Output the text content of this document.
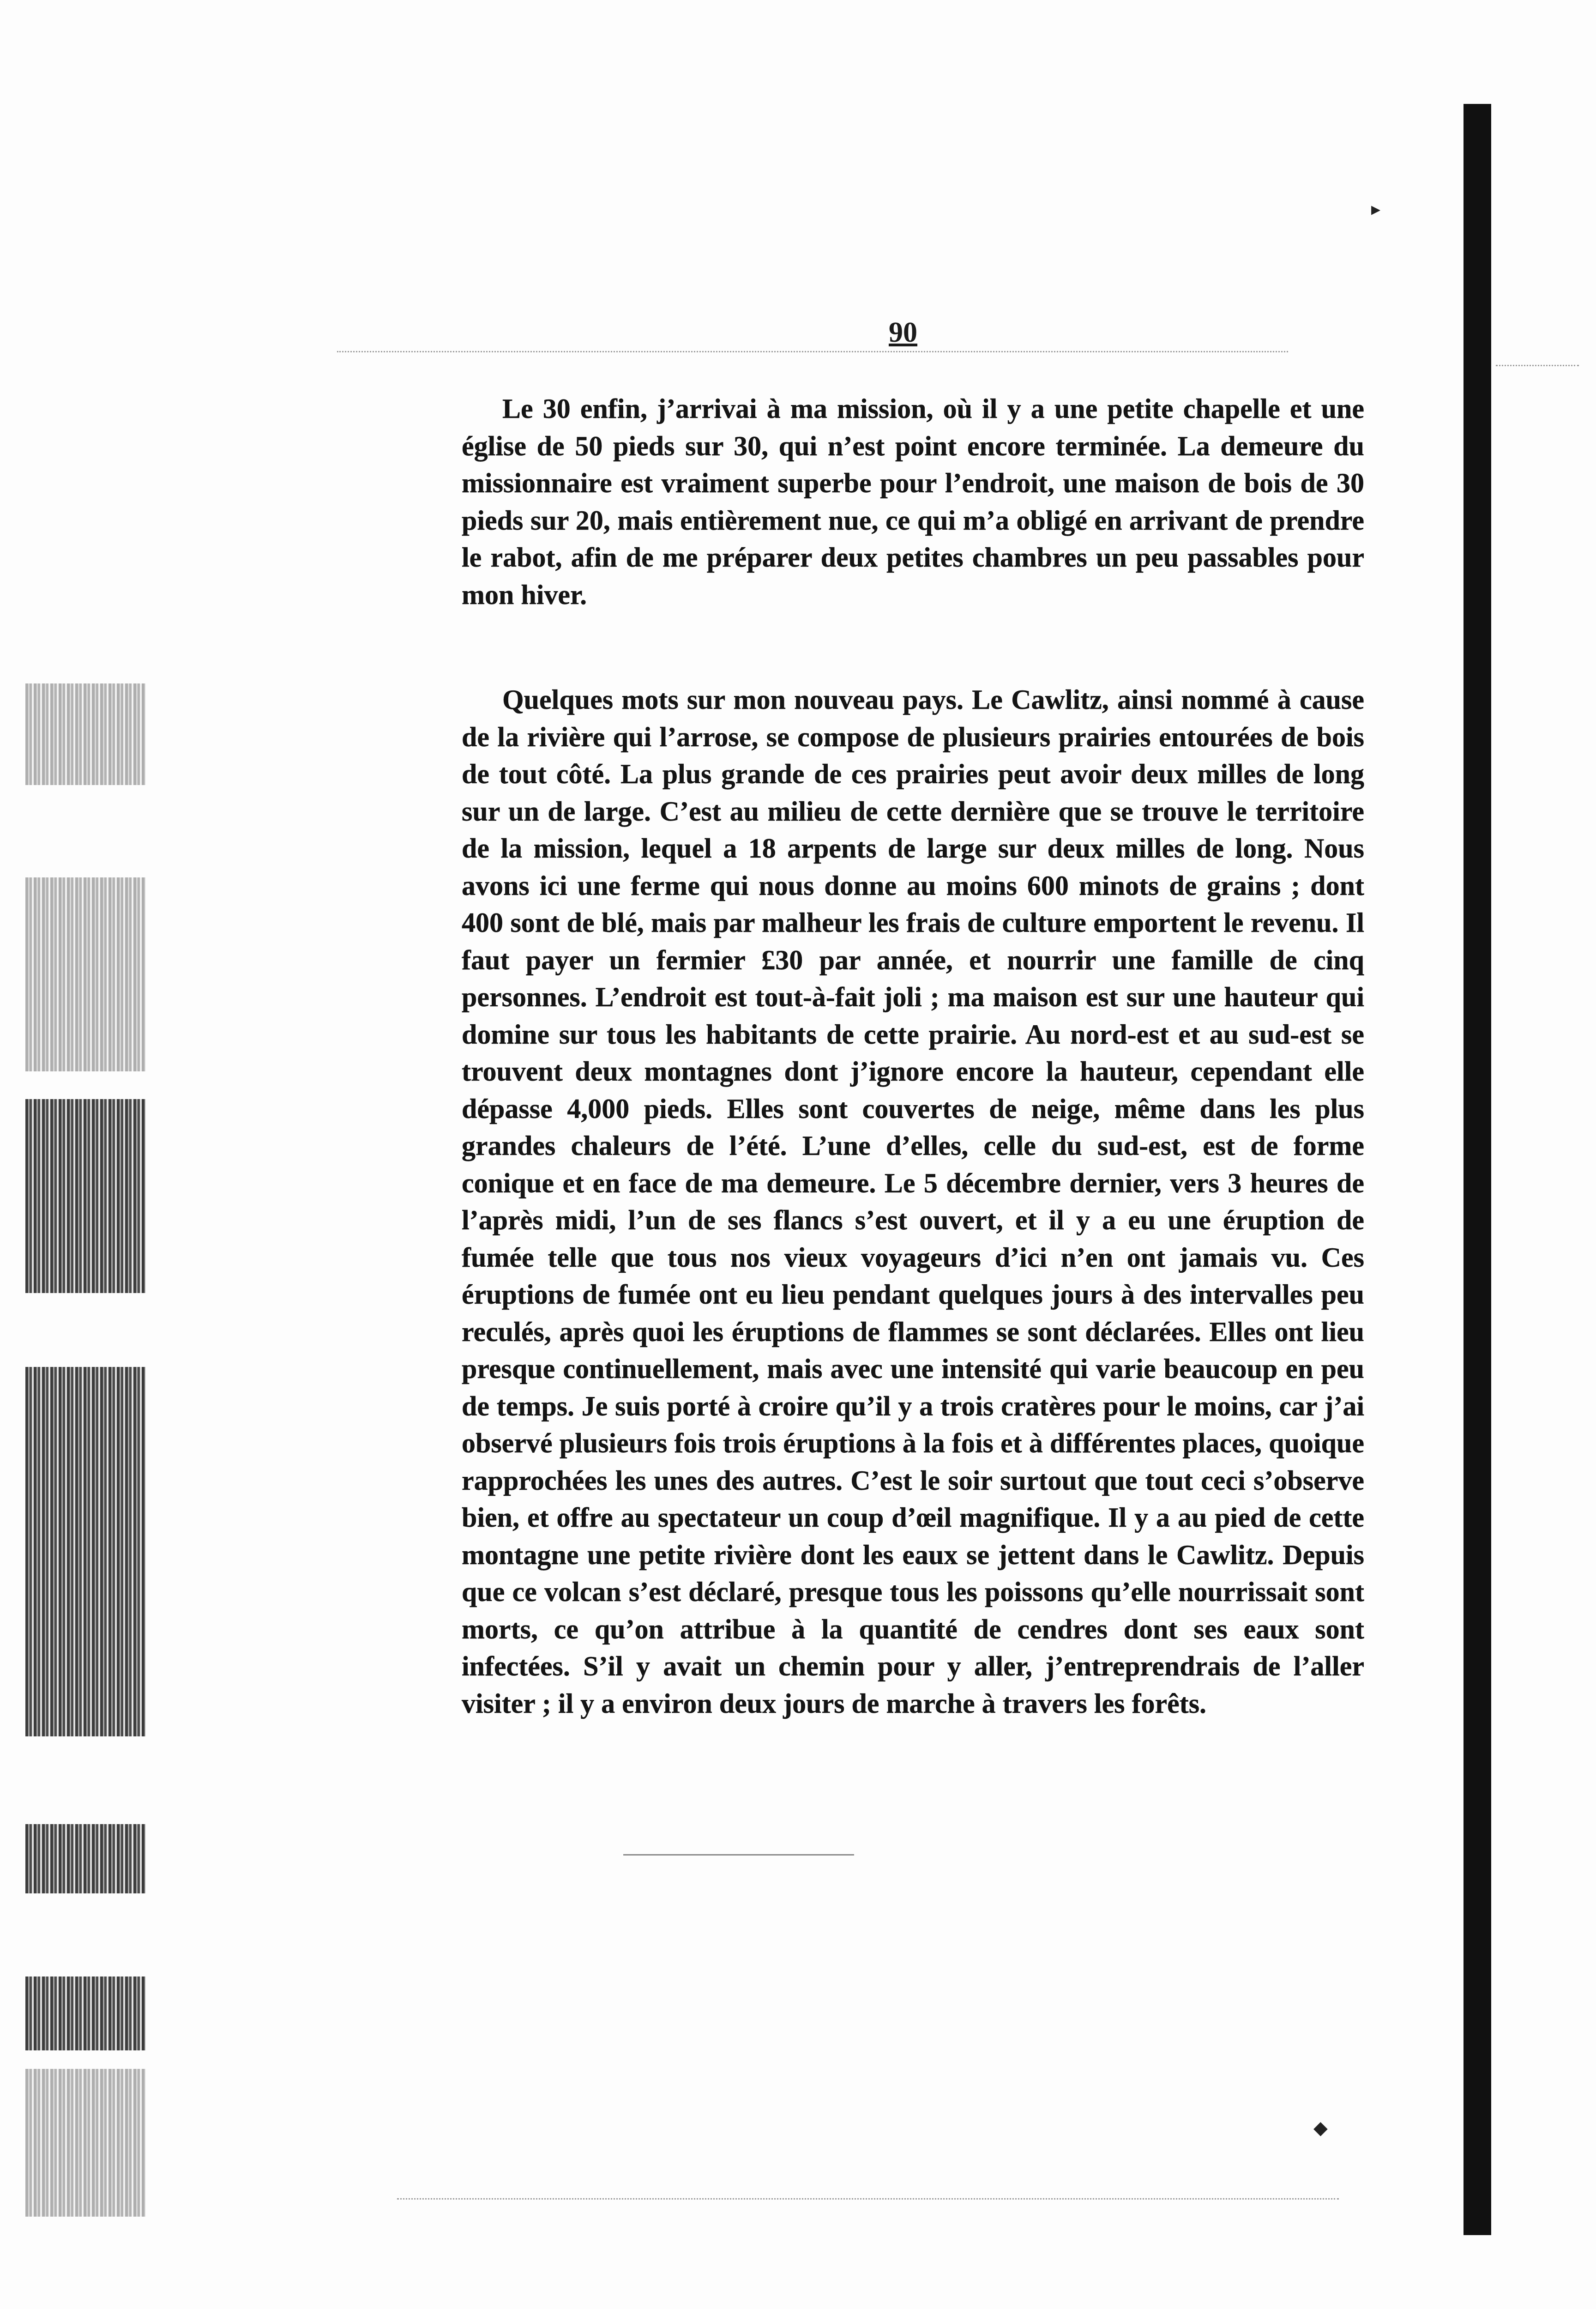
▸
◆
90

Le 30 enfin, j’arrivai à ma mission, où il y a une petite chapelle et une église de 50 pieds sur 30, qui n’est point encore terminée. La demeure du missionnaire est vraiment superbe pour l’endroit, une maison de bois de 30 pieds sur 20, mais entièrement nue, ce qui m’a obligé en arrivant de prendre le rabot, afin de me préparer deux petites chambres un peu passables pour mon hiver.

Quelques mots sur mon nouveau pays. Le Cawlitz, ainsi nommé à cause de la rivière qui l’arrose, se compose de plusieurs prairies entourées de bois de tout côté. La plus grande de ces prairies peut avoir deux milles de long sur un de large. C’est au milieu de cette dernière que se trouve le territoire de la mission, lequel a 18 arpents de large sur deux milles de long. Nous avons ici une ferme qui nous donne au moins 600 minots de grains ; dont 400 sont de blé, mais par malheur les frais de culture emportent le revenu. Il faut payer un fermier £30 par année, et nourrir une famille de cinq personnes. L’endroit est tout-à-fait joli ; ma maison est sur une hauteur qui domine sur tous les habitants de cette prairie. Au nord-est et au sud-est se trouvent deux montagnes dont j’ignore encore la hauteur, cependant elle dépasse 4,000 pieds. Elles sont couvertes de neige, même dans les plus grandes chaleurs de l’été. L’une d’elles, celle du sud-est, est de forme conique et en face de ma demeure. Le 5 décembre dernier, vers 3 heures de l’après midi, l’un de ses flancs s’est ouvert, et il y a eu une éruption de fumée telle que tous nos vieux voyageurs d’ici n’en ont jamais vu. Ces éruptions de fumée ont eu lieu pendant quelques jours à des intervalles peu reculés, après quoi les éruptions de flammes se sont déclarées. Elles ont lieu presque continuellement, mais avec une intensité qui varie beaucoup en peu de temps. Je suis porté à croire qu’il y a trois cratères pour le moins, car j’ai observé plusieurs fois trois éruptions à la fois et à différentes places, quoique rapprochées les unes des autres. C’est le soir surtout que tout ceci s’observe bien, et offre au spectateur un coup d’œil magnifique. Il y a au pied de cette montagne une petite rivière dont les eaux se jettent dans le Cawlitz. Depuis que ce volcan s’est déclaré, presque tous les poissons qu’elle nourrissait sont morts, ce qu’on attribue à la quantité de cendres dont ses eaux sont infectées. S’il y avait un chemin pour y aller, j’entreprendrais de l’aller visiter ; il y a environ deux jours de marche à travers les forêts.
